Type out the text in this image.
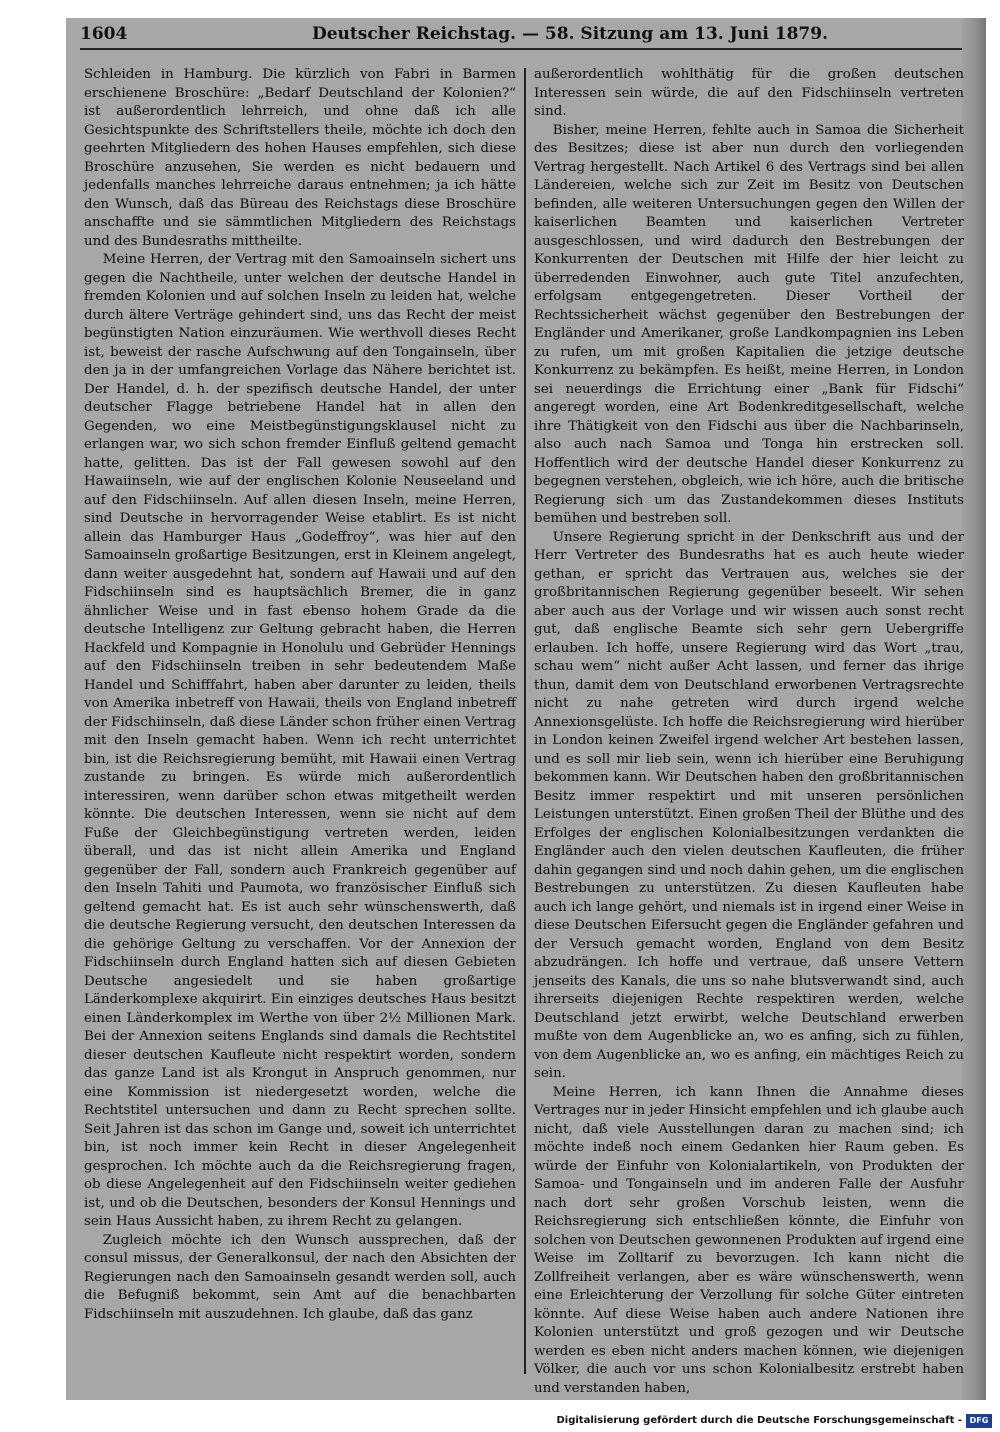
1604	Deutscher Reichstag. — 58. Sitzung am 13. Juni 1879.

Schleiden in Hamburg. Die kürzlich von Fabri in Barmen erschienene Broschüre: „Bedarf Deutschland der Kolonien?“ ist außerordentlich lehrreich, und ohne daß ich alle Gesichtspunkte des Schriftstellers theile, möchte ich doch den geehrten Mitgliedern des hohen Hauses empfehlen, sich diese Broschüre anzusehen, Sie werden es nicht bedauern und jedenfalls manches lehrreiche daraus entnehmen; ja ich hätte den Wunsch, daß das Büreau des Reichstags diese Broschüre anschaffte und sie sämmtlichen Mitgliedern des Reichstags und des Bundesraths mittheilte.

Meine Herren, der Vertrag mit den Samoainseln sichert uns gegen die Nachtheile, unter welchen der deutsche Handel in fremden Kolonien und auf solchen Inseln zu leiden hat, welche durch ältere Verträge gehindert sind, uns das Recht der meist begünstigten Nation einzuräumen. Wie werthvoll dieses Recht ist, beweist der rasche Aufschwung auf den Tongainseln, über den ja in der umfangreichen Vorlage das Nähere berichtet ist. Der Handel, d. h. der spezifisch deutsche Handel, der unter deutscher Flagge betriebene Handel hat in allen den Gegenden, wo eine Meistbegünstigungsklausel nicht zu erlangen war, wo sich schon fremder Einfluß geltend gemacht hatte, gelitten. Das ist der Fall gewesen sowohl auf den Hawaiinseln, wie auf der englischen Kolonie Neuseeland und auf den Fidschiinseln. Auf allen diesen Inseln, meine Herren, sind Deutsche in hervorragender Weise etablirt. Es ist nicht allein das Hamburger Haus „Godeffroy“, was hier auf den Samoainseln großartige Besitzungen, erst in Kleinem angelegt, dann weiter ausgedehnt hat, sondern auf Hawaii und auf den Fidschiinseln sind es hauptsächlich Bremer, die in ganz ähnlicher Weise und in fast ebenso hohem Grade da die deutsche Intelligenz zur Geltung gebracht haben, die Herren Hackfeld und Kompagnie in Honolulu und Gebrüder Hennings auf den Fidschiinseln treiben in sehr bedeutendem Maße Handel und Schifffahrt, haben aber darunter zu leiden, theils von Amerika inbetreff von Hawaii, theils von England inbetreff der Fidschiinseln, daß diese Länder schon früher einen Vertrag mit den Inseln gemacht haben. Wenn ich recht unterrichtet bin, ist die Reichsregierung bemüht, mit Hawaii einen Vertrag zustande zu bringen. Es würde mich außerordentlich interessiren, wenn darüber schon etwas mitgetheilt werden könnte. Die deutschen Interessen, wenn sie nicht auf dem Fuße der Gleichbegünstigung vertreten werden, leiden überall, und das ist nicht allein Amerika und England gegenüber der Fall, sondern auch Frankreich gegenüber auf den Inseln Tahiti und Paumota, wo französischer Einfluß sich geltend gemacht hat. Es ist auch sehr wünschenswerth, daß die deutsche Regierung versucht, den deutschen Interessen da die gehörige Geltung zu verschaffen. Vor der Annexion der Fidschiinseln durch England hatten sich auf diesen Gebieten Deutsche angesiedelt und sie haben großartige Länderkomplexe akquirirt. Ein einziges deutsches Haus besitzt einen Länderkomplex im Werthe von über 2½ Millionen Mark. Bei der Annexion seitens Englands sind damals die Rechtstitel dieser deutschen Kaufleute nicht respektirt worden, sondern das ganze Land ist als Krongut in Anspruch genommen, nur eine Kommission ist niedergesetzt worden, welche die Rechtstitel untersuchen und dann zu Recht sprechen sollte. Seit Jahren ist das schon im Gange und, soweit ich unterrichtet bin, ist noch immer kein Recht in dieser Angelegenheit gesprochen. Ich möchte auch da die Reichsregierung fragen, ob diese Angelegenheit auf den Fidschiinseln weiter gediehen ist, und ob die Deutschen, besonders der Konsul Hennings und sein Haus Aussicht haben, zu ihrem Recht zu gelangen.

Zugleich möchte ich den Wunsch aussprechen, daß der consul missus, der Generalkonsul, der nach den Absichten der Regierungen nach den Samoainseln gesandt werden soll, auch die Befugniß bekommt, sein Amt auf die benachbarten Fidschiinseln mit auszudehnen. Ich glaube, daß das ganz

außerordentlich wohlthätig für die großen deutschen Interessen sein würde, die auf den Fidschiinseln vertreten sind.

Bisher, meine Herren, fehlte auch in Samoa die Sicherheit des Besitzes; diese ist aber nun durch den vorliegenden Vertrag hergestellt. Nach Artikel 6 des Vertrags sind bei allen Ländereien, welche sich zur Zeit im Besitz von Deutschen befinden, alle weiteren Untersuchungen gegen den Willen der kaiserlichen Beamten und kaiserlichen Vertreter ausgeschlossen, und wird dadurch den Bestrebungen der Konkurrenten der Deutschen mit Hilfe der hier leicht zu überredenden Einwohner, auch gute Titel anzufechten, erfolgsam entgegengetreten. Dieser Vortheil der Rechtssicherheit wächst gegenüber den Bestrebungen der Engländer und Amerikaner, große Landkompagnien ins Leben zu rufen, um mit großen Kapitalien die jetzige deutsche Konkurrenz zu bekämpfen. Es heißt, meine Herren, in London sei neuerdings die Errichtung einer „Bank für Fidschi“ angeregt worden, eine Art Bodenkreditgesellschaft, welche ihre Thätigkeit von den Fidschi aus über die Nachbarinseln, also auch nach Samoa und Tonga hin erstrecken soll. Hoffentlich wird der deutsche Handel dieser Konkurrenz zu begegnen verstehen, obgleich, wie ich höre, auch die britische Regierung sich um das Zustandekommen dieses Instituts bemühen und bestreben soll.

Unsere Regierung spricht in der Denkschrift aus und der Herr Vertreter des Bundesraths hat es auch heute wieder gethan, er spricht das Vertrauen aus, welches sie der großbritannischen Regierung gegenüber beseelt. Wir sehen aber auch aus der Vorlage und wir wissen auch sonst recht gut, daß englische Beamte sich sehr gern Uebergriffe erlauben. Ich hoffe, unsere Regierung wird das Wort „trau, schau wem“ nicht außer Acht lassen, und ferner das ihrige thun, damit dem von Deutschland erworbenen Vertragsrechte nicht zu nahe getreten wird durch irgend welche Annexionsgelüste. Ich hoffe die Reichsregierung wird hierüber in London keinen Zweifel irgend welcher Art bestehen lassen, und es soll mir lieb sein, wenn ich hierüber eine Beruhigung bekommen kann. Wir Deutschen haben den großbritannischen Besitz immer respektirt und mit unseren persönlichen Leistungen unterstützt. Einen großen Theil der Blüthe und des Erfolges der englischen Kolonialbesitzungen verdankten die Engländer auch den vielen deutschen Kaufleuten, die früher dahin gegangen sind und noch dahin gehen, um die englischen Bestrebungen zu unterstützen. Zu diesen Kaufleuten habe auch ich lange gehört, und niemals ist in irgend einer Weise in diese Deutschen Eifersucht gegen die Engländer gefahren und der Versuch gemacht worden, England von dem Besitz abzudrängen. Ich hoffe und vertraue, daß unsere Vettern jenseits des Kanals, die uns so nahe blutsverwandt sind, auch ihrerseits diejenigen Rechte respektiren werden, welche Deutschland jetzt erwirbt, welche Deutschland erwerben mußte von dem Augenblicke an, wo es anfing, sich zu fühlen, von dem Augenblicke an, wo es anfing, ein mächtiges Reich zu sein.

Meine Herren, ich kann Ihnen die Annahme dieses Vertrages nur in jeder Hinsicht empfehlen und ich glaube auch nicht, daß viele Ausstellungen daran zu machen sind; ich möchte indeß noch einem Gedanken hier Raum geben. Es würde der Einfuhr von Kolonialartikeln, von Produkten der Samoa- und Tongainseln und im anderen Falle der Ausfuhr nach dort sehr großen Vorschub leisten, wenn die Reichsregierung sich entschließen könnte, die Einfuhr von solchen von Deutschen gewonnenen Produkten auf irgend eine Weise im Zolltarif zu bevorzugen. Ich kann nicht die Zollfreiheit verlangen, aber es wäre wünschenswerth, wenn eine Erleichterung der Verzollung für solche Güter eintreten könnte. Auf diese Weise haben auch andere Nationen ihre Kolonien unterstützt und groß gezogen und wir Deutsche werden es eben nicht anders machen können, wie diejenigen Völker, die auch vor uns schon Kolonialbesitz erstrebt haben und verstanden haben,

Digitalisierung gefördert durch die Deutsche Forschungsgemeinschaft - DFG
